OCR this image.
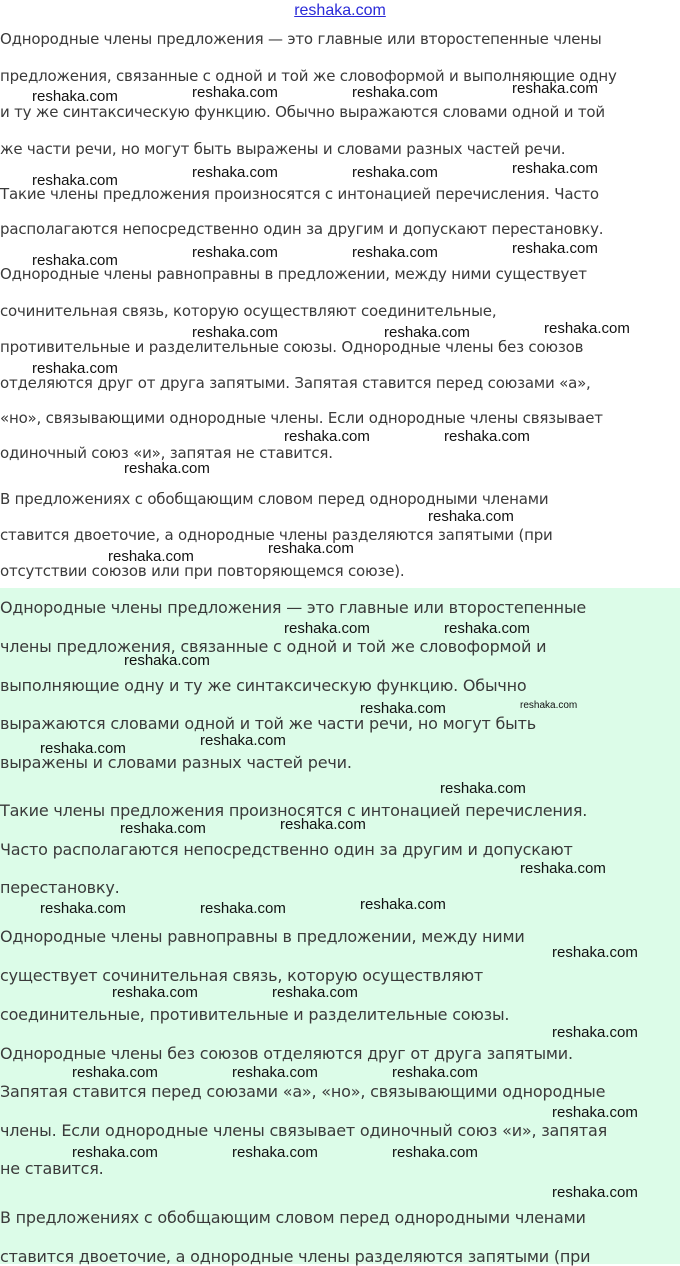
reshaka.com
Однородные члены предложения — это главные или второстепенные члены
предложения, связанные с одной и той же словоформой и выполняющие одну
и ту же синтаксическую функцию. Обычно выражаются словами одной и той
же части речи, но могут быть выражены и словами разных частей речи.
Такие члены предложения произносятся с интонацией перечисления. Часто
располагаются непосредственно один за другим и допускают перестановку.
Однородные члены равноправны в предложении, между ними существует
сочинительная связь, которую осуществляют соединительные,
противительные и разделительные союзы. Однородные члены без союзов
отделяются друг от друга запятыми. Запятая ставится перед союзами «а»,
«но», связывающими однородные члены. Если однородные члены связывает
одиночный союз «и», запятая не ставится.
В предложениях с обобщающим словом перед однородными членами
ставится двоеточие, а однородные члены разделяются запятыми (при
отсутствии союзов или при повторяющемся союзе).
Однородные члены предложения — это главные или второстепенные
члены предложения, связанные с одной и той же словоформой и
выполняющие одну и ту же синтаксическую функцию. Обычно
выражаются словами одной и той же части речи, но могут быть
выражены и словами разных частей речи.
Такие члены предложения произносятся с интонацией перечисления.
Часто располагаются непосредственно один за другим и допускают
перестановку.
Однородные члены равноправны в предложении, между ними
существует сочинительная связь, которую осуществляют
соединительные, противительные и разделительные союзы.
Однородные члены без союзов отделяются друг от друга запятыми.
Запятая ставится перед союзами «а», «но», связывающими однородные
члены. Если однородные члены связывает одиночный союз «и», запятая
не ставится.
В предложениях с обобщающим словом перед однородными членами
ставится двоеточие, а однородные члены разделяются запятыми (при
reshaka.com	reshaka.com	reshaka.com	reshaka.com
reshaka.com	reshaka.com	reshaka.com	reshaka.com
reshaka.com	reshaka.com	reshaka.com	reshaka.com
reshaka.com	reshaka.com	reshaka.com
reshaka.com
reshaka.com	reshaka.com
reshaka.com
reshaka.com
reshaka.com
reshaka.com
reshaka.com	reshaka.com
reshaka.com
reshaka.com	reshaka.com
reshaka.com
reshaka.com
reshaka.com
reshaka.com
reshaka.com
reshaka.com
reshaka.com
reshaka.com	reshaka.com
reshaka.com
reshaka.com	reshaka.com
reshaka.com
reshaka.com	reshaka.com	reshaka.com
reshaka.com
reshaka.com	reshaka.com	reshaka.com
reshaka.com
